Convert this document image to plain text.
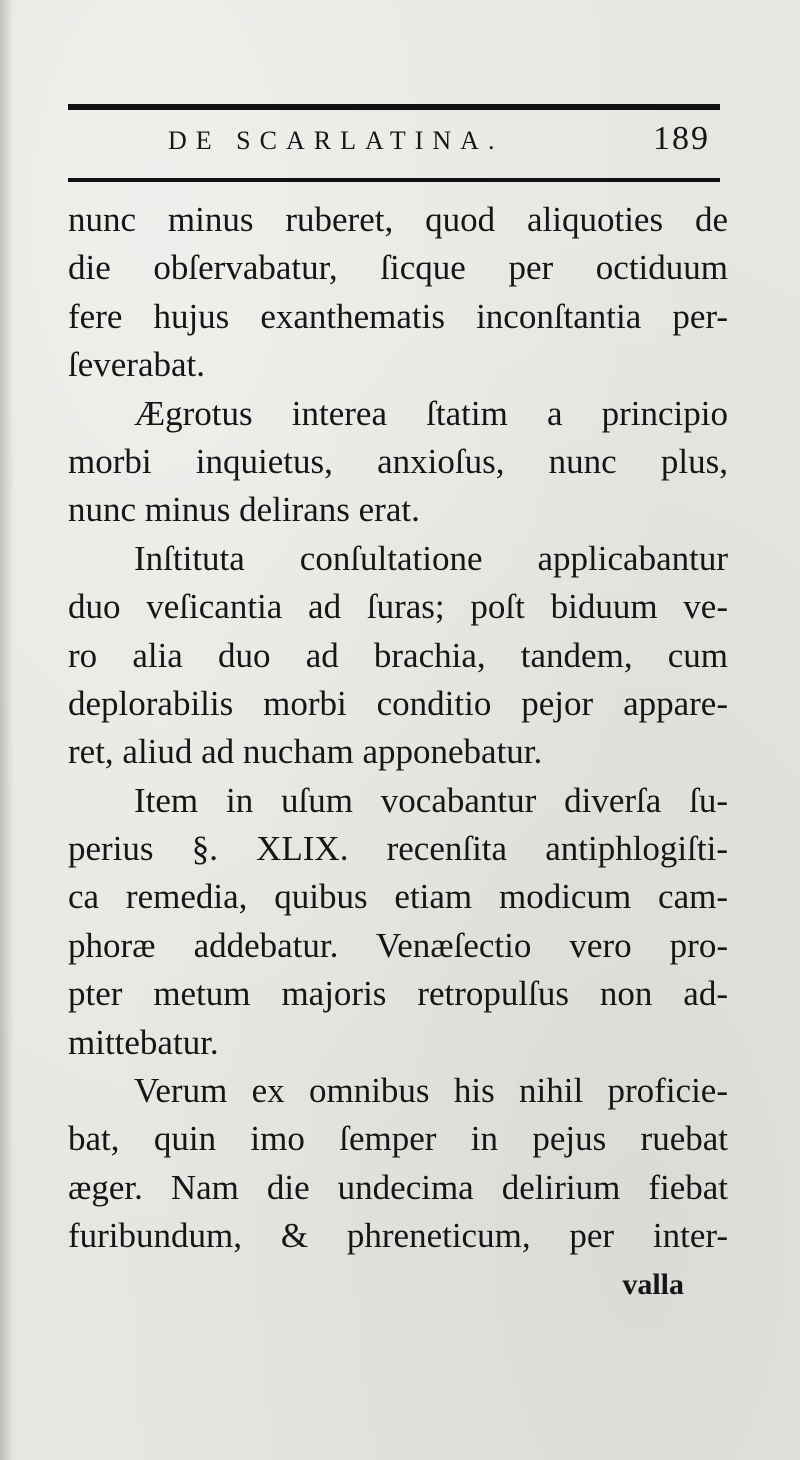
DE SCARLATINA.	189
nunc minus ruberet, quod aliquoties de
die obſervabatur, ſicque per octiduum
fere hujus exanthematis inconſtantia per-
ſeverabat.
Ægrotus interea ſtatim a principio
morbi inquietus, anxioſus, nunc plus,
nunc minus delirans erat.
Inſtituta conſultatione applicabantur
duo veſicantia ad ſuras; poſt biduum ve-
ro alia duo ad brachia, tandem, cum
deplorabilis morbi conditio pejor appare-
ret, aliud ad nucham apponebatur.
Item in uſum vocabantur diverſa ſu-
perius §. XLIX. recenſita antiphlogiſti-
ca remedia, quibus etiam modicum cam-
phoræ addebatur. Venæſectio vero pro-
pter metum majoris retropulſus non ad-
mittebatur.
Verum ex omnibus his nihil proficie-
bat, quin imo ſemper in pejus ruebat
æger. Nam die undecima delirium fiebat
furibundum, & phreneticum, per inter-
valla
